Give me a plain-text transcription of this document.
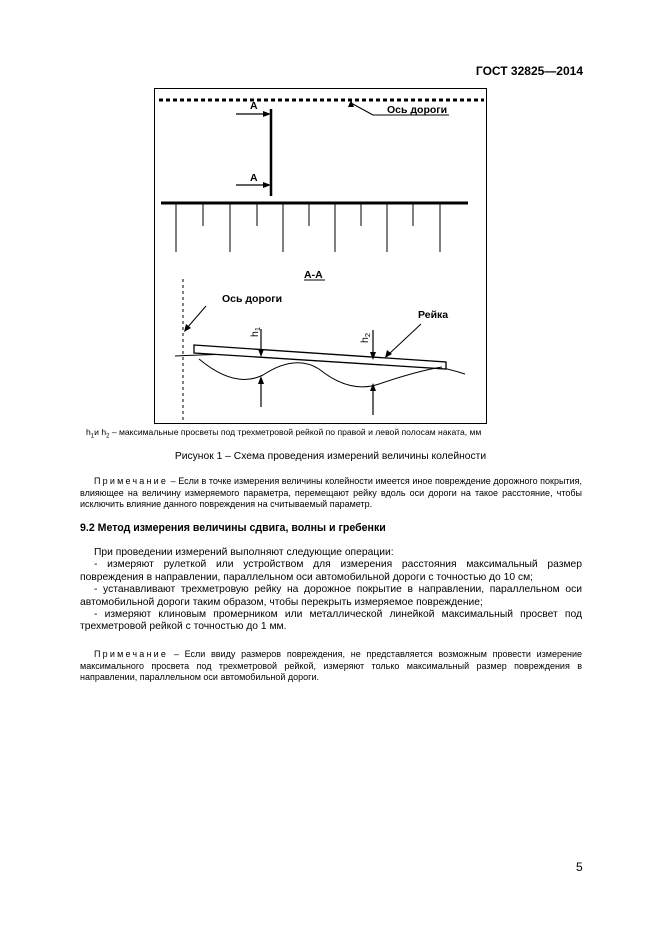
ГОСТ 32825—2014
Ось дороги
А
А
А-А
Ось дороги
Рейка
h1
h2
$h_1и$ $h_2$ – максимальные просветы под трехметровой рейкой по правой и левой полосам наката, мм
Рисунок 1 – Схема проведения измерений величины колейности
Примечание – Если в точке измерения величины колейности имеется иное повреждение дорожного покрытия, влияющее на величину измеряемого параметра, перемещают рейку вдоль оси дороги на такое расстояние, чтобы исключить влияние данного повреждения на считываемый параметр.
9.2 Метод измерения величины сдвига, волны и гребенки

При проведении измерений выполняют следующие операции:

- измеряют рулеткой или устройством для измерения расстояния максимальный размер повреждения в направлении, параллельном оси автомобильной дороги с точностью до 10 см;

- устанавливают трехметровую рейку на дорожное покрытие в направлении, параллельном оси автомобильной дороги таким образом, чтобы перекрыть измеряемое повреждение;

- измеряют клиновым промерником или металлической линейкой максимальный просвет под трехметровой рейкой с точностью до 1 мм.

Примечание – Если ввиду размеров повреждения, не представляется возможным провести измерение максимального просвета под трехметровой рейкой, измеряют только максимальный размер повреждения в направлении, параллельном оси автомобильной дороги.
5
